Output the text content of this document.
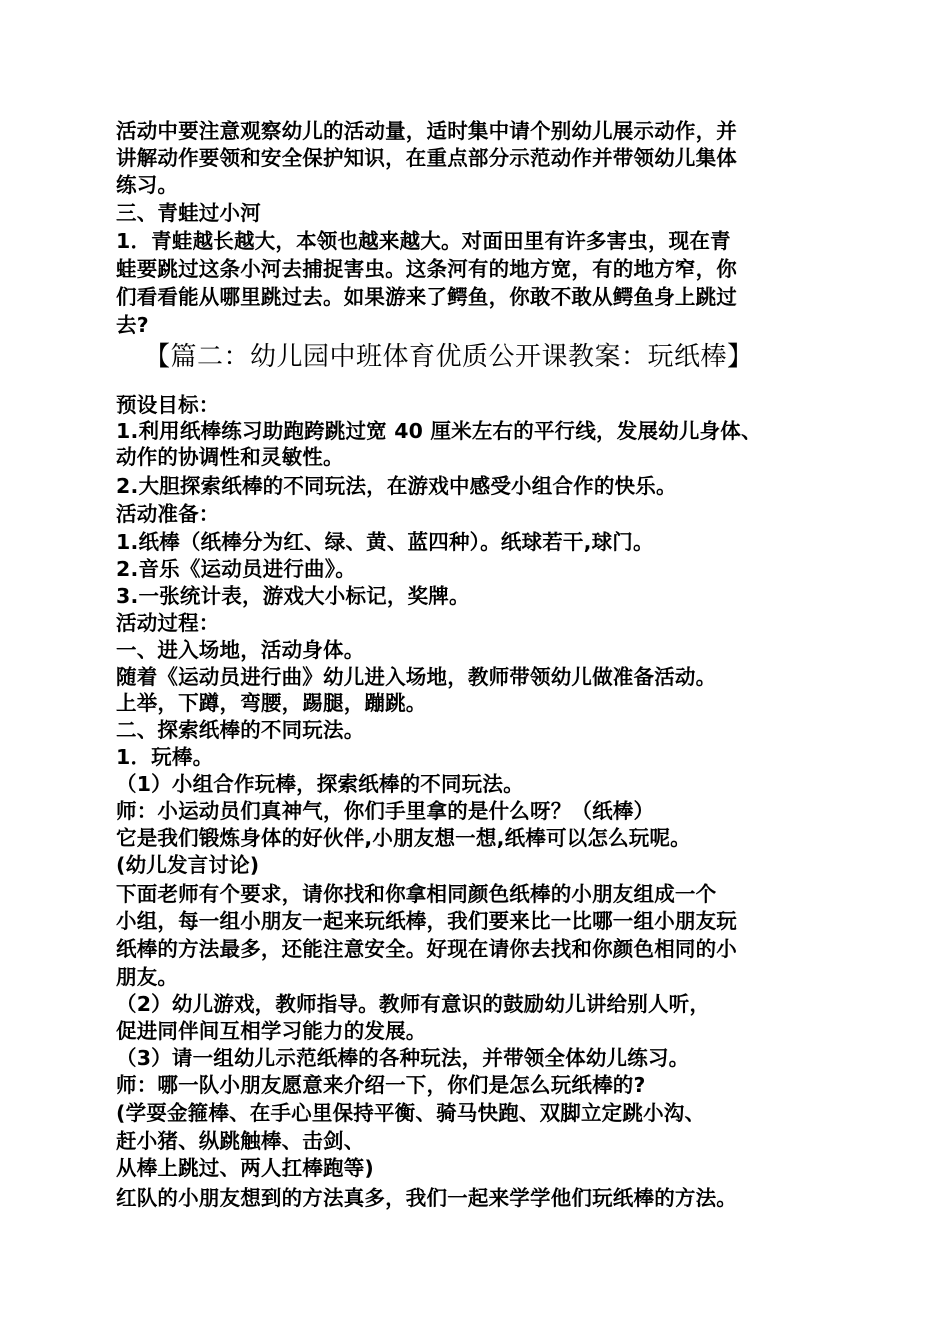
活动中要注意观察幼儿的活动量，适时集中请个别幼儿展示动作，并
讲解动作要领和安全保护知识，在重点部分示范动作并带领幼儿集体
练习。
三、青蛙过小河
1．青蛙越长越大，本领也越来越大。对面田里有许多害虫，现在青
蛙要跳过这条小河去捕捉害虫。这条河有的地方宽，有的地方窄，你
们看看能从哪里跳过去。如果游来了鳄鱼，你敢不敢从鳄鱼身上跳过
去?
【篇二：幼儿园中班体育优质公开课教案：玩纸棒】
预设目标：
1.利用纸棒练习助跑跨跳过宽 40 厘米左右的平行线，发展幼儿身体、
动作的协调性和灵敏性。
2.大胆探索纸棒的不同玩法，在游戏中感受小组合作的快乐。
活动准备：
1.纸棒（纸棒分为红、绿、黄、蓝四种）。纸球若干,球门。
2.音乐《运动员进行曲》。
3.一张统计表，游戏大小标记，奖牌。
活动过程：
一、进入场地，活动身体。
随着《运动员进行曲》幼儿进入场地，教师带领幼儿做准备活动。
上举，下蹲，弯腰，踢腿，蹦跳。
二、探索纸棒的不同玩法。
1．玩棒。
（1）小组合作玩棒，探索纸棒的不同玩法。
师：小运动员们真神气，你们手里拿的是什么呀？（纸棒）
它是我们锻炼身体的好伙伴,小朋友想一想,纸棒可以怎么玩呢。
(幼儿发言讨论)
下面老师有个要求，请你找和你拿相同颜色纸棒的小朋友组成一个
小组，每一组小朋友一起来玩纸棒，我们要来比一比哪一组小朋友玩
纸棒的方法最多，还能注意安全。好现在请你去找和你颜色相同的小
朋友。
（2）幼儿游戏，教师指导。教师有意识的鼓励幼儿讲给别人听，
促进同伴间互相学习能力的发展。
（3）请一组幼儿示范纸棒的各种玩法，并带领全体幼儿练习。
师：哪一队小朋友愿意来介绍一下，你们是怎么玩纸棒的?
(学耍金箍棒、在手心里保持平衡、骑马快跑、双脚立定跳小沟、
赶小猪、纵跳触棒、击剑、
从棒上跳过、两人扛棒跑等)
红队的小朋友想到的方法真多，我们一起来学学他们玩纸棒的方法。
